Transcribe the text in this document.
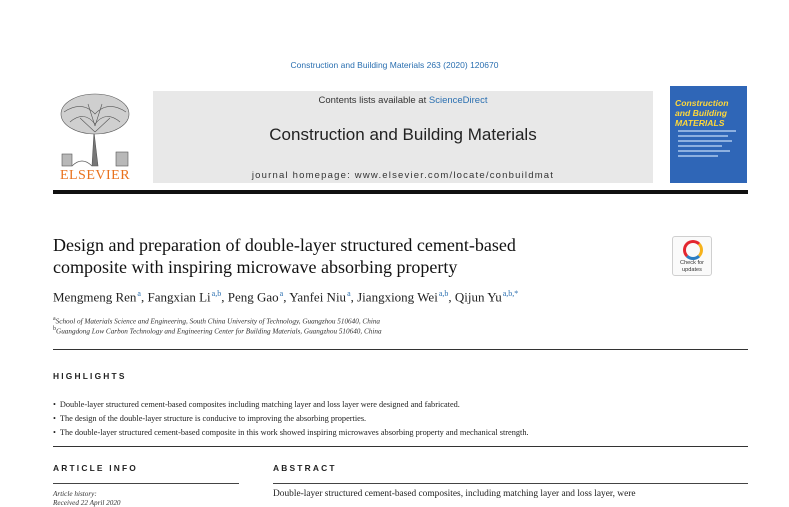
Construction and Building Materials 263 (2020) 120670
ELSEVIER
Contents lists available at ScienceDirect
Construction and Building Materials
journal homepage: www.elsevier.com/locate/conbuildmat
Construction and Building MATERIALS
Design and preparation of double-layer structured cement-based
composite with inspiring microwave absorbing property	Check for updates
Mengmeng Ren$^a$, Fangxian Li$^{a,b}$, Peng Gao$^a$, Yanfei Niu$^a$, Jiangxiong Wei$^{a,b}$, Qijun $Yu^{a,b,*}$
$^a$School of Materials Science and Engineering, South China University of Technology, Guangzhou 510640, China
$^b$Guangdong Low Carbon Technology and Engineering Center for Building Materials, Guangzhou 510640, China
HIGHLIGHTS
• Double-layer structured cement-based composites including matching layer and loss layer were designed and fabricated.
• The design of the double-layer structure is conducive to improving the absorbing properties.
• The double-layer structured cement-based composite in this work showed inspiring microwaves absorbing property and mechanical strength.
ARTICLE INFO	ABSTRACT
Article history:
Received 22 April 2020
Double-layer structured cement-based composites, including matching layer and loss layer, were
